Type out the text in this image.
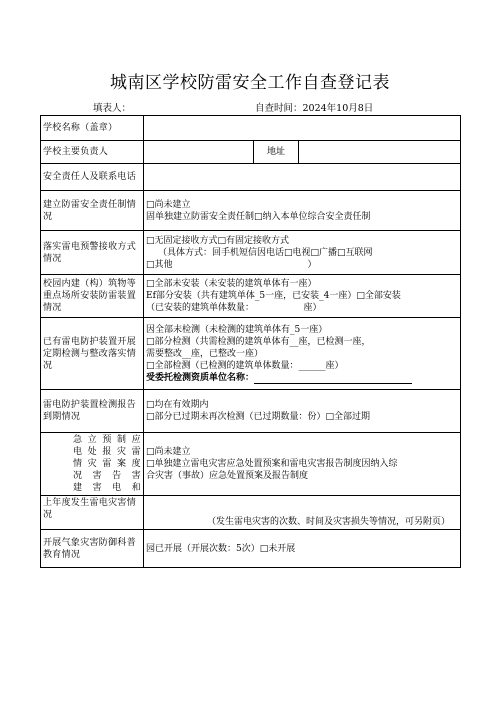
城南区学校防雷安全工作自查登记表
填表人：	自查时间：2024年10月8日
学校名称（盖章）			
学校主要负责人		地址	
安全责任人及联系电话			
建立防雷安全责任制情况	□尚未建立
固单独建立防雷安全责任制□纳入本单位综合安全责任制		

落实雷电预警接收方式情况	□无固定接收方式□有固定接收方式
（具体方式：回手机短信因电话□电视□广播□互联网
□其他　　　　　　　　　　　　　　　）		

校园内建（构）筑物等重点场所安装防雷装置情况	□全部未安装（未安装的建筑单体有一座）
Ef部分安装（共有建筑单体_5一座，已安装_4一座）□全部安装
（已安装的建筑单体数量：　　　　　　座）		

已有雷电防护装置开展定期检测与整改落实情况	因全部未检测（未检测的建筑单体有_5一座）
□部分检测（共需检测的建筑单体有__座，已检测一座，
需要整改__座，已整改一座）
□全部检测（已检测的建筑单体数量：______座）
受委托检测资质单位名称：		

雷电防护装置检测报告到期情况	□均在有效期内
□部分已过期未再次检测（已过期数量：份）□全部过期		

急立预制应
电处报灾雷
情灾雷案度
况害告害
建害电和	□尚未建立
□单独建立雷电灾害应急处置预案和雷电灾害报告制度因纳入综
合灾害（事故）应急处置预案及报告制度		

上年度发生雷电灾害情况	（发生雷电灾害的次数、时间及灾害损失等情况，可另附页）		
开展气象灾害防御科普教育情况	园已开展（开展次数：5次）□未开展		
